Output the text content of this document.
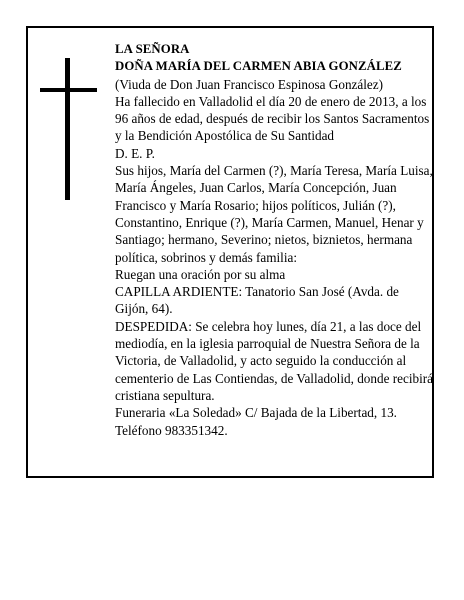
LA SEÑORA

DOÑA MARÍA DEL CARMEN ABIA GONZÁLEZ

(Viuda de Don Juan Francisco Espinosa González)

Ha fallecido en Valladolid el día 20 de enero de 2013, a los 96 años de edad, después de recibir los Santos Sacramentos y la Bendición Apostólica de Su Santidad

D. E. P.

Sus hijos, María del Carmen (?), María Teresa, María Luisa, María Ángeles, Juan Carlos, María Concepción, Juan Francisco y María Rosario; hijos políticos, Julián (?), Constantino, Enrique (?), María Carmen, Manuel, Henar y Santiago; hermano, Severino; nietos, biznietos, hermana política, sobrinos y demás familia:

Ruegan una oración por su alma

CAPILLA ARDIENTE: Tanatorio San José (Avda. de Gijón, 64).

DESPEDIDA: Se celebra hoy lunes, día 21, a las doce del mediodía, en la iglesia parroquial de Nuestra Señora de la Victoria, de Valladolid, y acto seguido la conducción al cementerio de Las Contiendas, de Valladolid, donde recibirá cristiana sepultura.

Funeraria «La Soledad» C/ Bajada de la Libertad, 13.

Teléfono 983351342.
